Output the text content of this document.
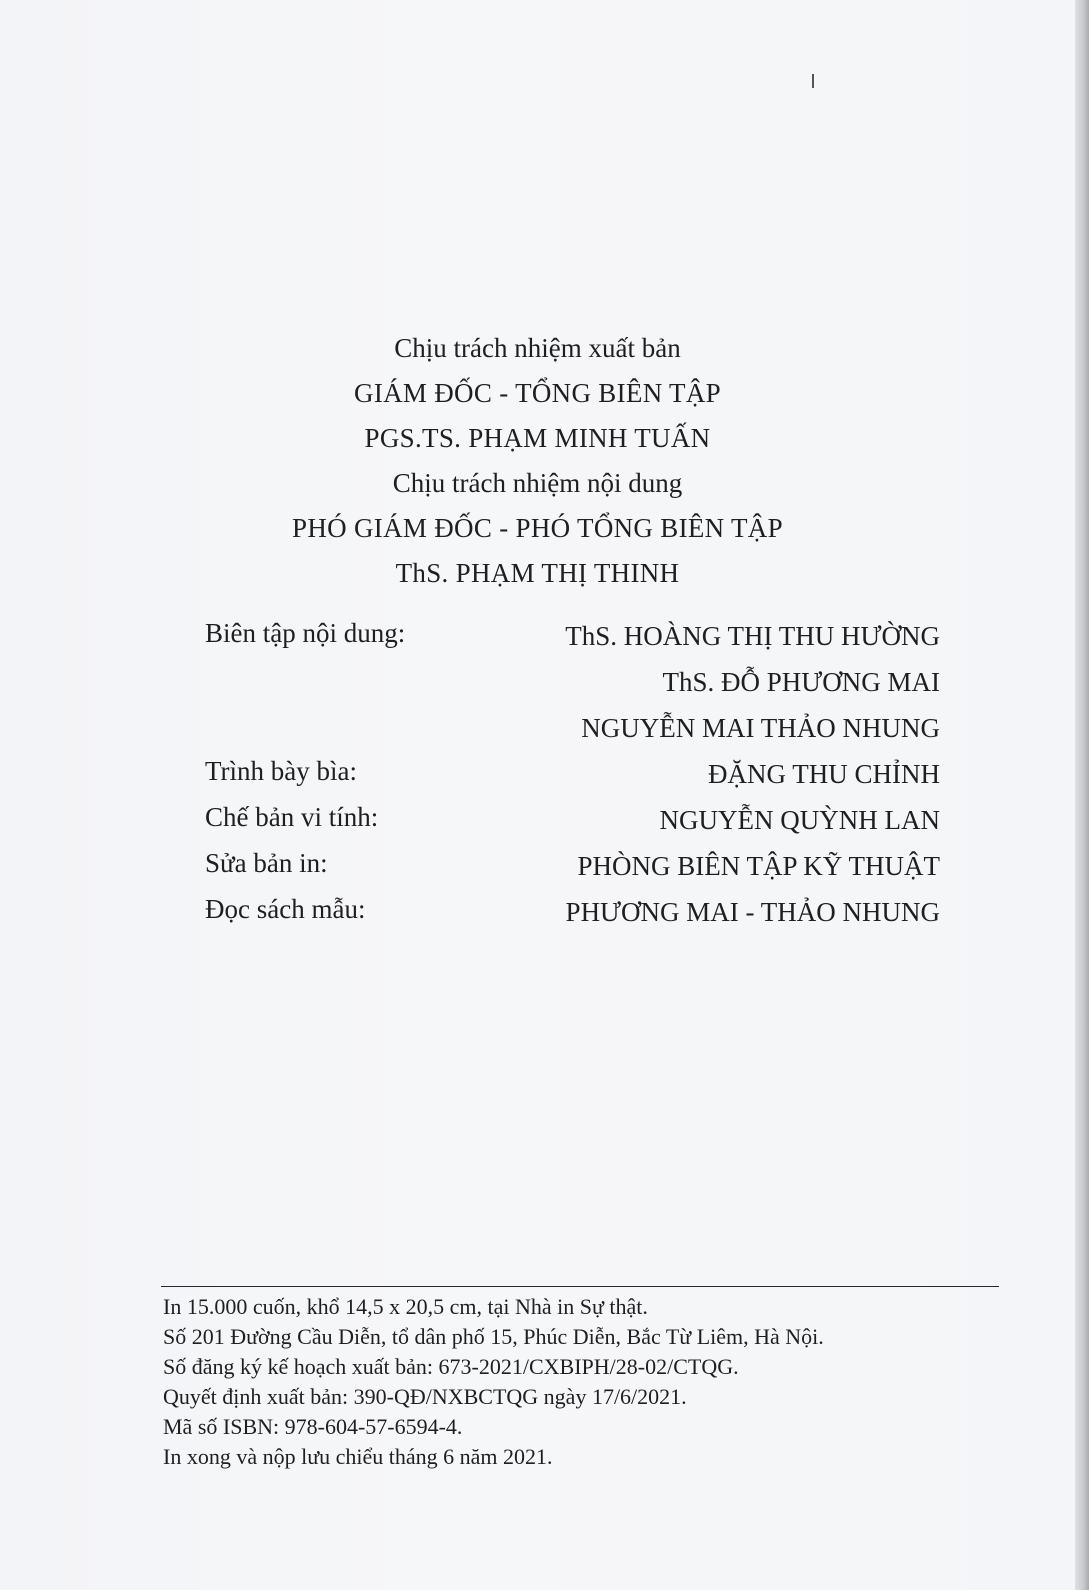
Chịu trách nhiệm xuất bản
GIÁM ĐỐC - TỔNG BIÊN TẬP
PGS.TS. PHẠM MINH TUẤN
Chịu trách nhiệm nội dung
PHÓ GIÁM ĐỐC - PHÓ TỔNG BIÊN TẬP
ThS. PHẠM THỊ THINH
Biên tập nội dung:	ThS. HOÀNG THỊ THU HƯỜNG
ThS. ĐỖ PHƯƠNG MAI
NGUYỄN MAI THẢO NHUNG
Trình bày bìa:	ĐẶNG THU CHỈNH
Chế bản vi tính:	NGUYỄN QUỲNH LAN
Sửa bản in:	PHÒNG BIÊN TẬP KỸ THUẬT
Đọc sách mẫu:	PHƯƠNG MAI - THẢO NHUNG
In 15.000 cuốn, khổ 14,5 x 20,5 cm, tại Nhà in Sự thật.
Số 201 Đường Cầu Diễn, tổ dân phố 15, Phúc Diễn, Bắc Từ Liêm, Hà Nội.
Số đăng ký kế hoạch xuất bản: 673-2021/CXBIPH/28-02/CTQG.
Quyết định xuất bản: 390-QĐ/NXBCTQG ngày 17/6/2021.
Mã số ISBN: 978-604-57-6594-4.
In xong và nộp lưu chiểu tháng 6 năm 2021.
